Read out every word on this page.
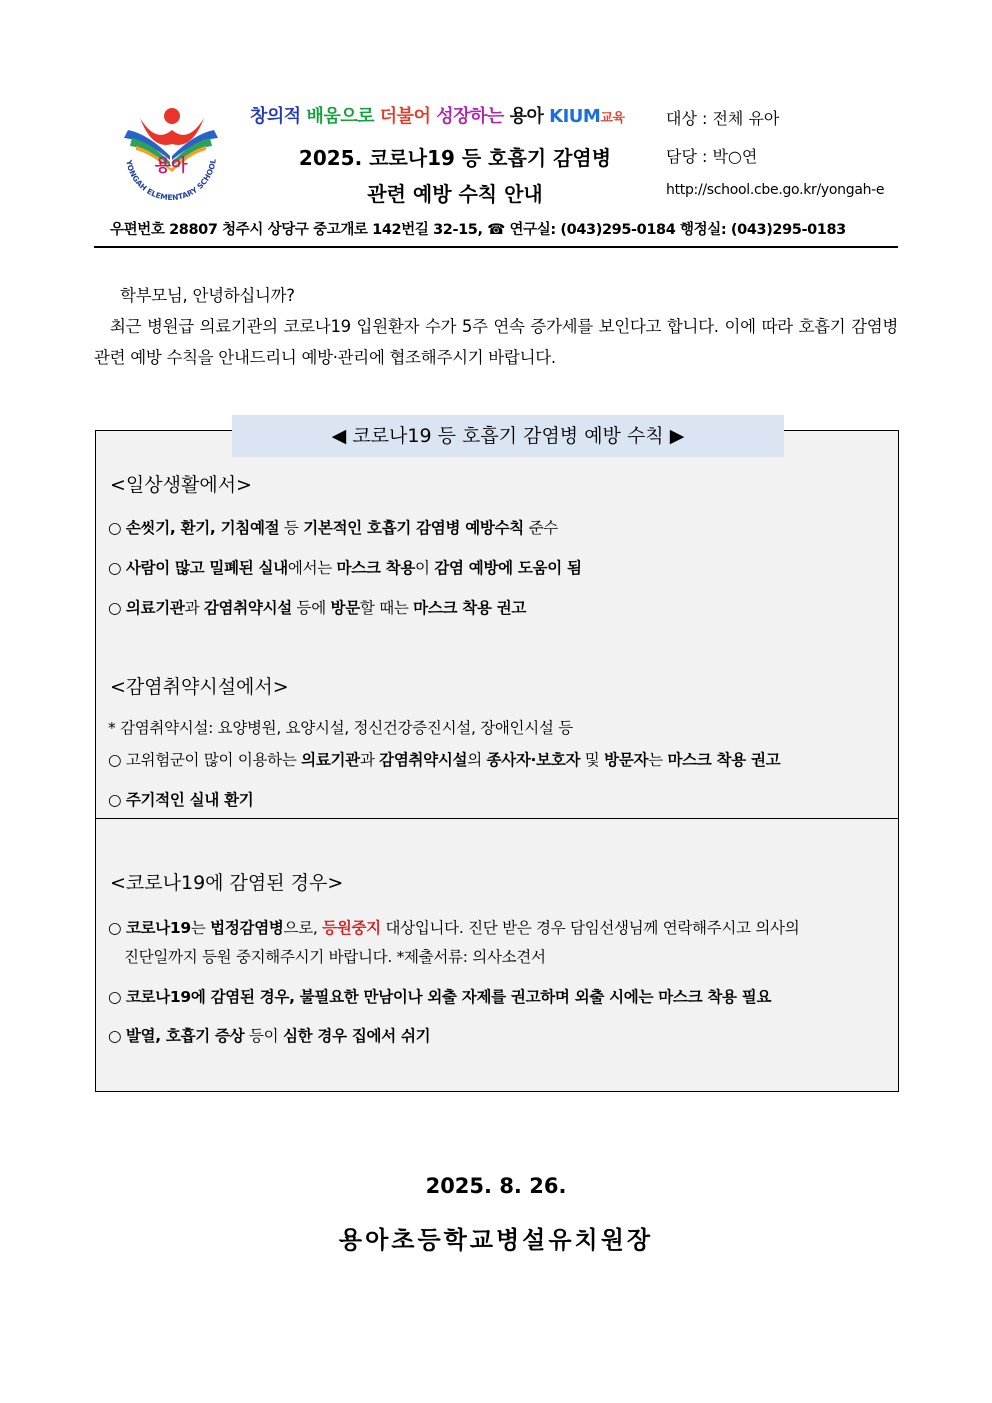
용아
YONGAH ELEMENTARY SCHOOL
창의적 배움으로 더불어 성장하는 용아 KIUM교육
2025. 코로나19 등 호흡기 감염병
관련 예방 수칙 안내
대상 : 전체 유아
담당 : 박○연
http://school.cbe.go.kr/yongah-e
우편번호 28807 청주시 상당구 중고개로 142번길 32-15, ☎ 연구실: (043)295-0184 행정실: (043)295-0183

학부모님, 안녕하십니까?

최근 병원급 의료기관의 코로나19 입원환자 수가 5주 연속 증가세를 보인다고 합니다. 이에 따라 호흡기 감염병 관련 예방 수칙을 안내드리니 예방·관리에 협조해주시기 바랍니다.

◀ 코로나19 등 호흡기 감염병 예방 수칙 ▶
<일상생활에서>
○ 손씻기, 환기, 기침예절 등 기본적인 호흡기 감염병 예방수칙 준수
○ 사람이 많고 밀폐된 실내에서는 마스크 착용이 감염 예방에 도움이 됨
○ 의료기관과 감염취약시설 등에 방문할 때는 마스크 착용 권고
<감염취약시설에서>
* 감염취약시설: 요양병원, 요양시설, 정신건강증진시설, 장애인시설 등
○ 고위험군이 많이 이용하는 의료기관과 감염취약시설의 종사자·보호자 및 방문자는 마스크 착용 권고
○ 주기적인 실내 환기
<코로나19에 감염된 경우>
○ 코로나19는 법정감염병으로, 등원중지 대상입니다. 진단 받은 경우 담임선생님께 연락해주시고 의사의
진단일까지 등원 중지해주시기 바랍니다. *제출서류: 의사소견서
○ 코로나19에 감염된 경우, 불필요한 만남이나 외출 자제를 권고하며 외출 시에는 마스크 착용 필요
○ 발열, 호흡기 증상 등이 심한 경우 집에서 쉬기
2025. 8. 26.
용아초등학교병설유치원장
